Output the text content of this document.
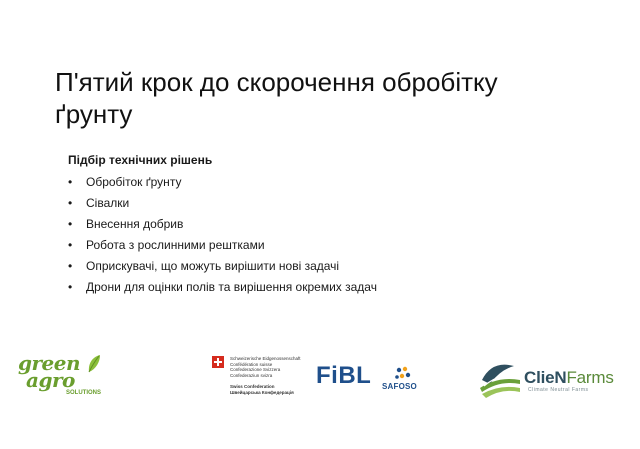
П'ятий крок до скорочення обробітку
ґрунту

Підбір технічних рішень

• Обробіток ґрунту
• Сівалки
• Внесення добрив
• Робота з рослинними рештками
• Оприскувачі, що можуть вирішити нові задачі
• Дрони для оцінки полів та вирішення окремих задач
green
agro
SOLUTIONS
Schweizerische Eidgenossenschaft
Confédération suisse
Confederazione Svizzera
Confederaziun svizra
Swiss Confederation
Швейцарська Конфедерація
FiBL SAFOSO	ClieNFarms
Climate Neutral Farms
